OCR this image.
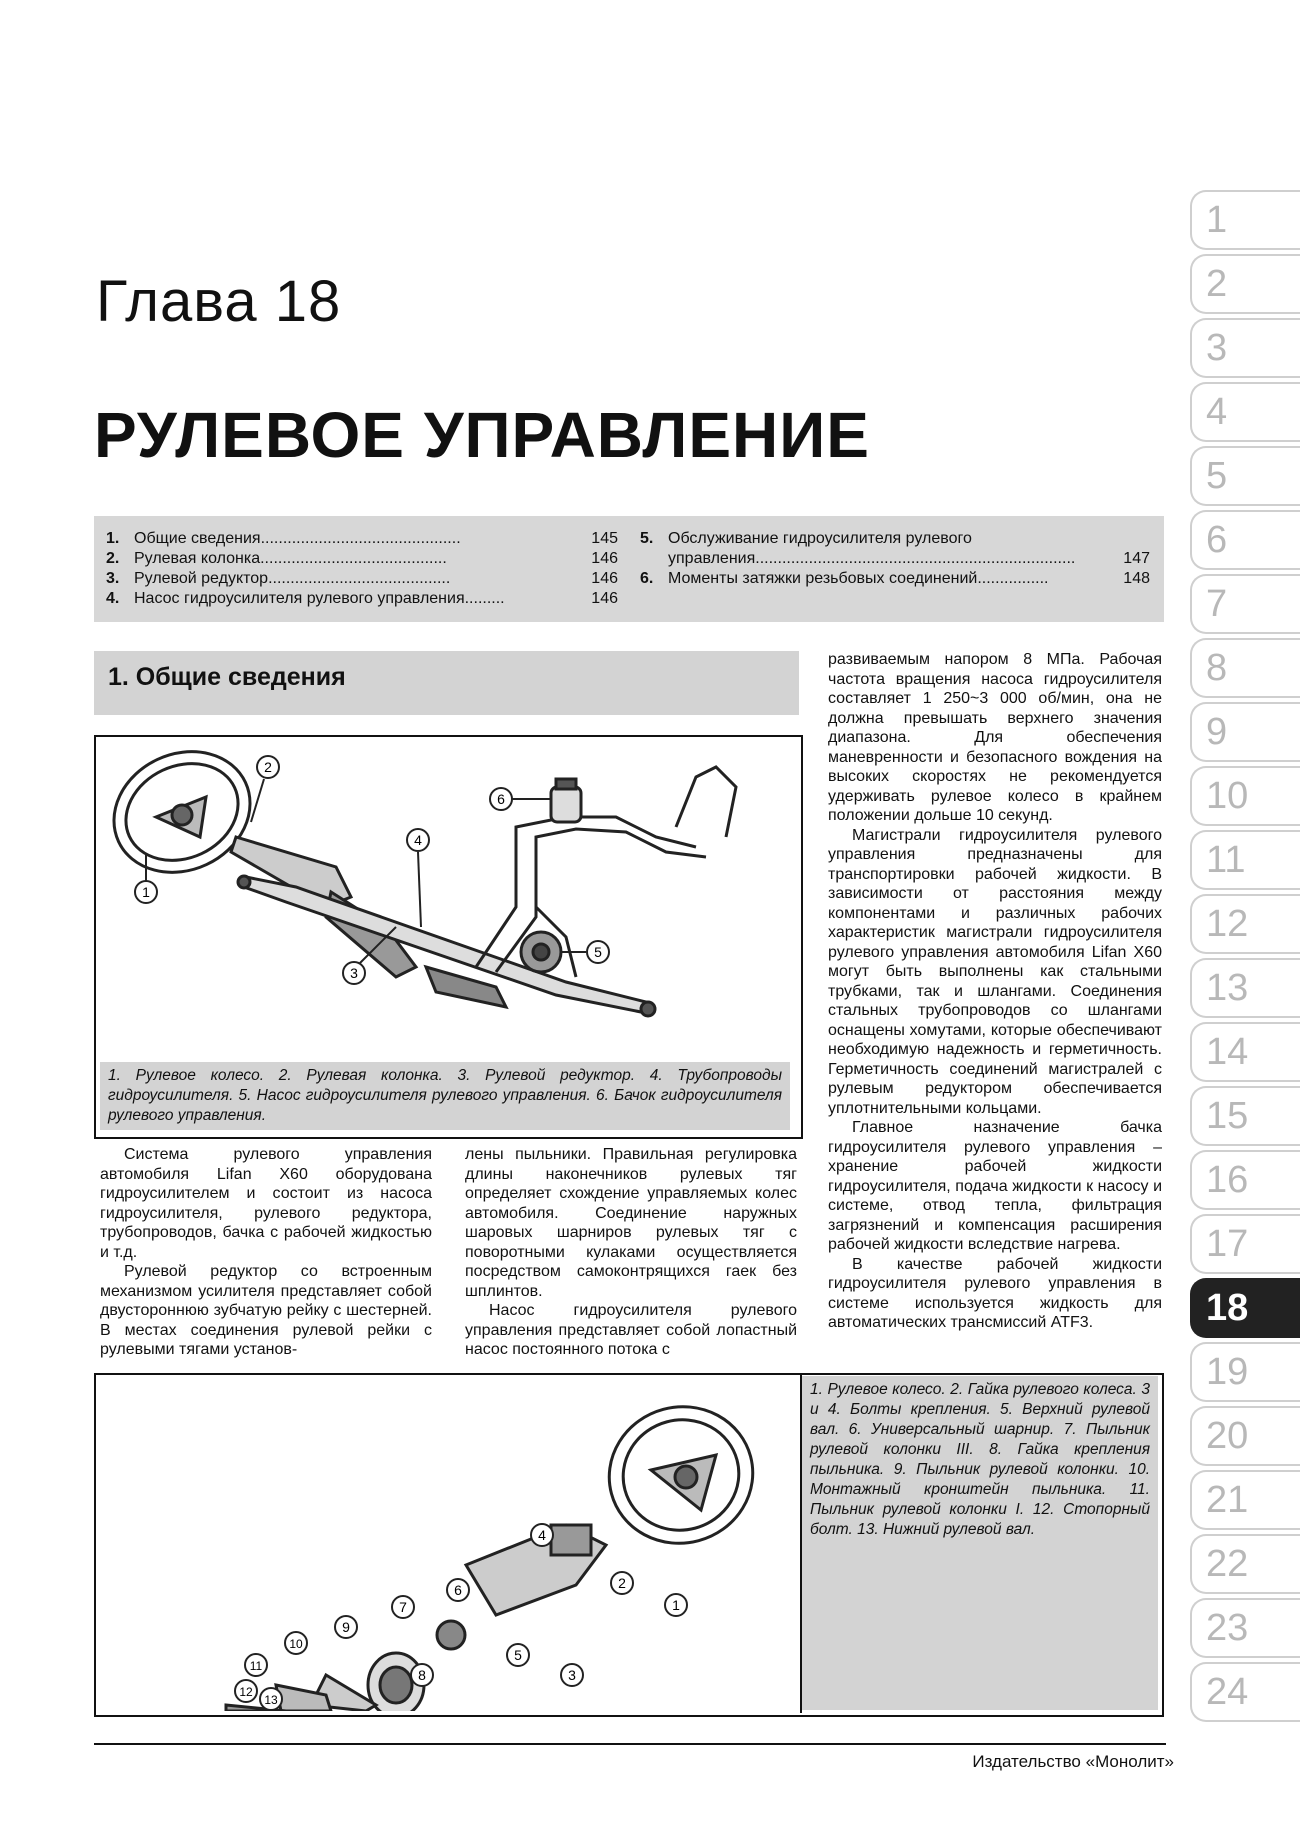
Глава 18
РУЛЕВОЕ УПРАВЛЕНИЕ
1. Общие сведения .............................................	145
2. Рулевая колонка ..........................................	146
3. Рулевой редуктор .........................................	146
4. Насос гидроусилителя рулевого управления .........	146
5. Обслуживание гидроусилителя рулевого
управления ........................................................................	147
6. Моменты затяжки резьбовых соединений ................	148
1. Общие сведения
1
2
3
4
5
6
1. Рулевое колесо. 2. Рулевая колонка. 3. Рулевой редуктор. 4. Трубопроводы гидроусилителя. 5. Насос гидроусилителя рулевого управления. 6. Бачок гидроусилителя рулевого управления.

Система рулевого управления автомобиля Lifan X60 оборудована гидроусилителем и состоит из насоса гидроусилителя, рулевого редуктора, трубопроводов, бачка с рабочей жидкостью и т.д.

Рулевой редуктор со встроенным механизмом усилителя представляет собой двустороннюю зубчатую рейку с шестерней. В местах соединения рулевой рейки с рулевыми тягами установ-

лены пыльники. Правильная регулировка длины наконечников рулевых тяг определяет схождение управляемых колес автомобиля. Соединение наружных шаровых шарниров рулевых тяг с поворотными кулаками осуществляется посредством самоконтрящихся гаек без шплинтов.

Насос гидроусилителя рулевого управления представляет собой лопастный насос постоянного потока с

развиваемым напором 8 МПа. Рабочая частота вращения насоса гидроусилителя составляет 1 250~3 000 об/мин, она не должна превышать верхнего значения диапазона. Для обеспечения маневренности и безопасного вождения на высоких скоростях не рекомендуется удерживать рулевое колесо в крайнем положении дольше 10 секунд.

Магистрали гидроусилителя рулевого управления предназначены для транспортировки рабочей жидкости. В зависимости от расстояния между компонентами и различных рабочих характеристик магистрали гидроусилителя рулевого управления автомобиля Lifan X60 могут быть выполнены как стальными трубками, так и шлангами. Соединения стальных трубопроводов со шлангами оснащены хомутами, которые обеспечивают необходимую надежность и герметичность. Герметичность соединений магистралей с рулевым редуктором обеспечивается уплотнительными кольцами.

Главное назначение бачка гидроусилителя рулевого управления – хранение рабочей жидкости гидроусилителя, подача жидкости к насосу и системе, отвод тепла, фильтрация загрязнений и компенсация расширения рабочей жидкости вследствие нагрева.

В качестве рабочей жидкости гидроусилителя рулевого управления в системе используется жидкость для автоматических трансмиссий ATF3.

1
2
3
4
5
6
7
8
9
10
11
12
13
1. Рулевое колесо. 2. Гайка рулевого колеса. 3 и 4. Болты крепления. 5. Верхний рулевой вал. 6. Универсальный шарнир. 7. Пыльник рулевой колонки III. 8. Гайка крепления пыльника. 9. Пыльник рулевой колонки. 10. Монтажный кронштейн пыльника. 11. Пыльник рулевой колонки I. 12. Стопорный болт. 13. Нижний рулевой вал.
Издательство «Монолит»
1
2
3
4
5
6
7
8
9
10
11
12
13
14
15
16
17
18
19
20
21
22
23
24
